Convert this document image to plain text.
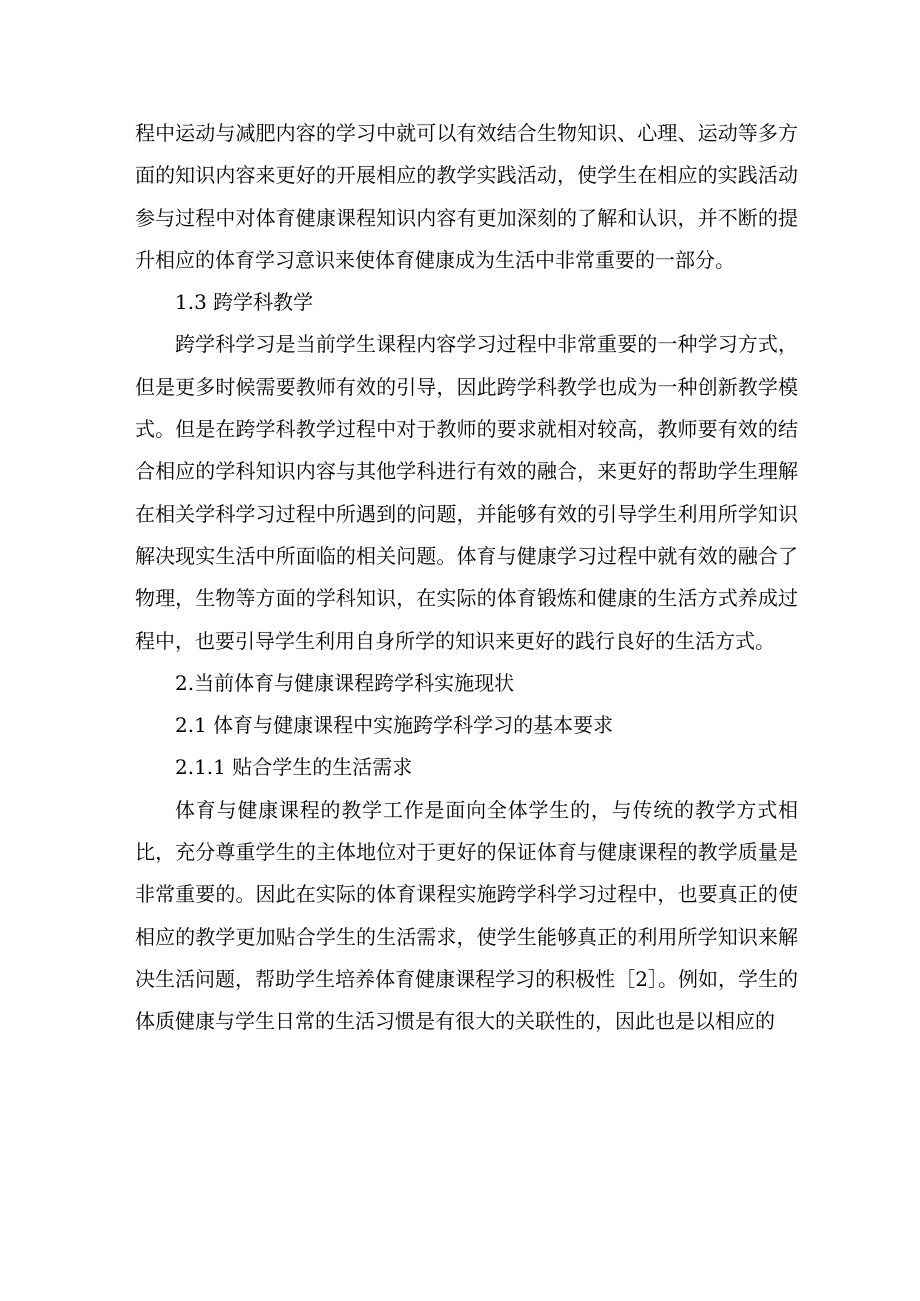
程中运动与减肥内容的学习中就可以有效结合生物知识、心理、运动等多方面的知识内容来更好的开展相应的教学实践活动，使学生在相应的实践活动参与过程中对体育健康课程知识内容有更加深刻的了解和认识，并不断的提升相应的体育学习意识来使体育健康成为生活中非常重要的一部分。

1.3 跨学科教学

跨学科学习是当前学生课程内容学习过程中非常重要的一种学习方式，但是更多时候需要教师有效的引导，因此跨学科教学也成为一种创新教学模式。但是在跨学科教学过程中对于教师的要求就相对较高，教师要有效的结合相应的学科知识内容与其他学科进行有效的融合，来更好的帮助学生理解在相关学科学习过程中所遇到的问题，并能够有效的引导学生利用所学知识解决现实生活中所面临的相关问题。体育与健康学习过程中就有效的融合了物理，生物等方面的学科知识，在实际的体育锻炼和健康的生活方式养成过程中，也要引导学生利用自身所学的知识来更好的践行良好的生活方式。

2.当前体育与健康课程跨学科实施现状

2.1 体育与健康课程中实施跨学科学习的基本要求

2.1.1 贴合学生的生活需求

体育与健康课程的教学工作是面向全体学生的，与传统的教学方式相比，充分尊重学生的主体地位对于更好的保证体育与健康课程的教学质量是非常重要的。因此在实际的体育课程实施跨学科学习过程中，也要真正的使相应的教学更加贴合学生的生活需求，使学生能够真正的利用所学知识来解决生活问题，帮助学生培养体育健康课程学习的积极性［2］。例如，学生的体质健康与学生日常的生活习惯是有很大的关联性的，因此也是以相应的
